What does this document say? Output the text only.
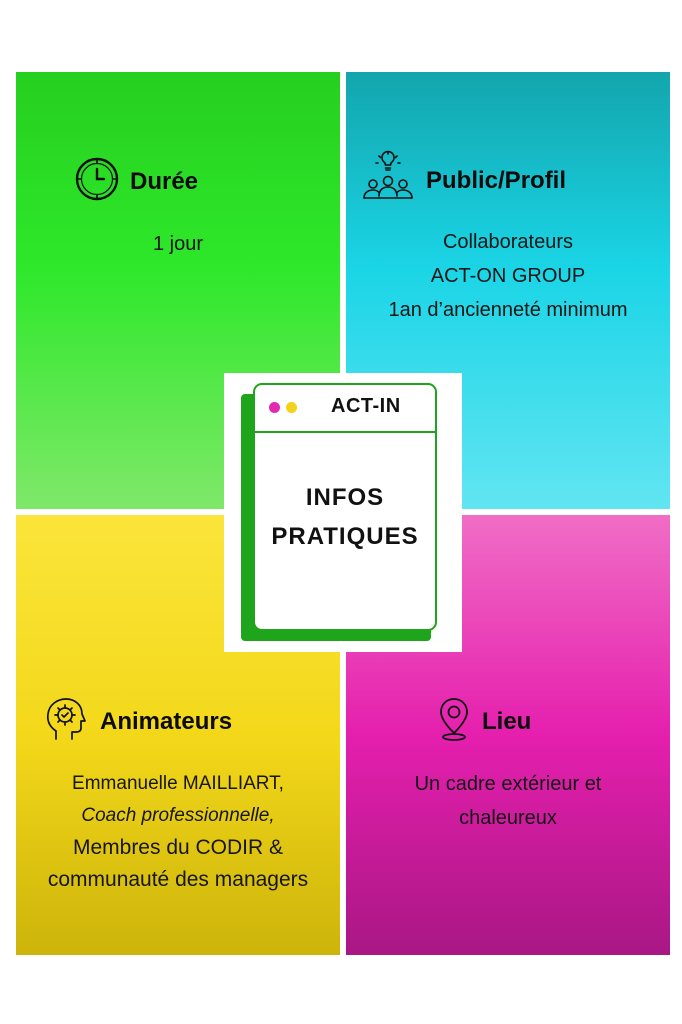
Durée
1 jour
Public/Profil
Collaborateurs
ACT-ON GROUP
1an d’ancienneté minimum
Animateurs
Emmanuelle MAILLIART,
Coach professionnelle,
Membres du CODIR &
communauté des managers
Lieu
Un cadre extérieur et
chaleureux
ACT-IN
INFOS
PRATIQUES
